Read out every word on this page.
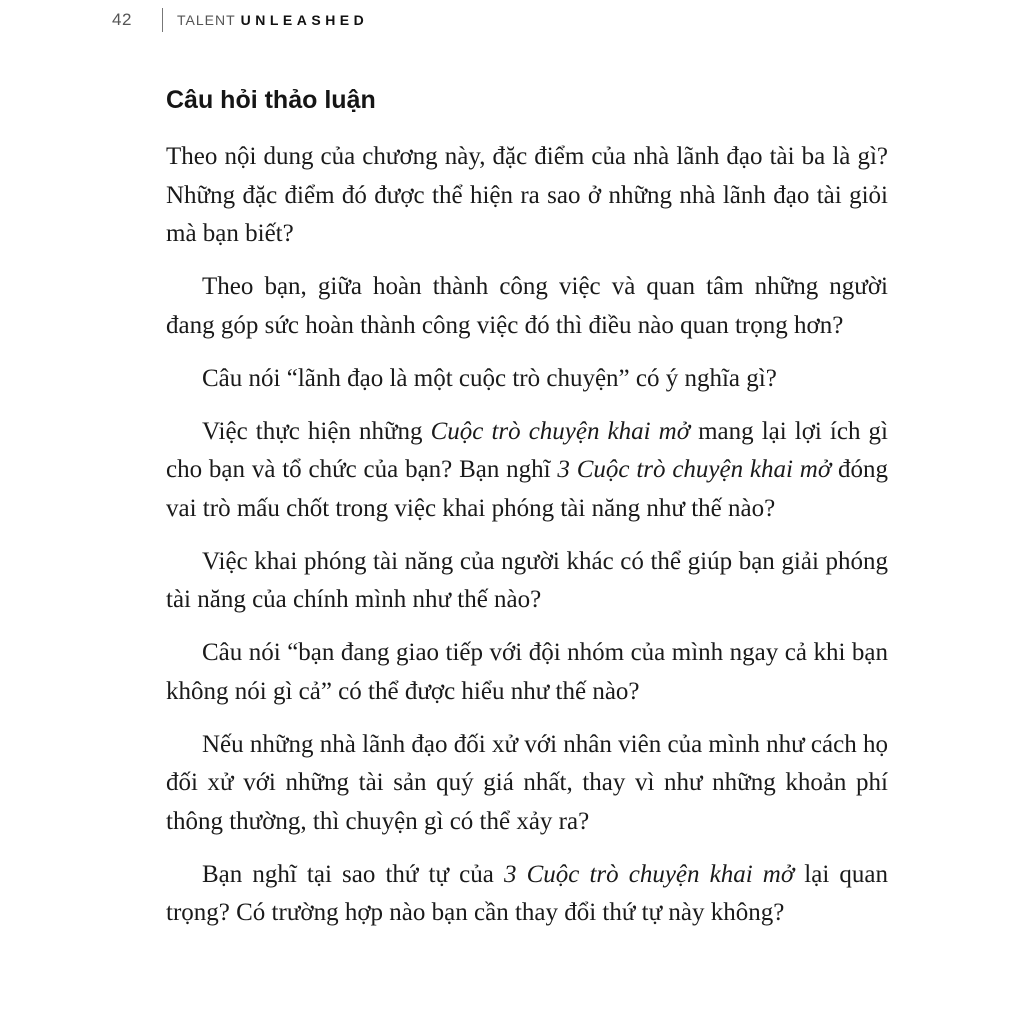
42	TALENT UNLEASHED
Câu hỏi thảo luận

Theo nội dung của chương này, đặc điểm của nhà lãnh đạo tài ba là gì? Những đặc điểm đó được thể hiện ra sao ở những nhà lãnh đạo tài giỏi mà bạn biết?

Theo bạn, giữa hoàn thành công việc và quan tâm những người đang góp sức hoàn thành công việc đó thì điều nào quan trọng hơn?

Câu nói “lãnh đạo là một cuộc trò chuyện” có ý nghĩa gì?

Việc thực hiện những Cuộc trò chuyện khai mở mang lại lợi ích gì cho bạn và tổ chức của bạn? Bạn nghĩ 3 Cuộc trò chuyện khai mở đóng vai trò mấu chốt trong việc khai phóng tài năng như thế nào?

Việc khai phóng tài năng của người khác có thể giúp bạn giải phóng tài năng của chính mình như thế nào?

Câu nói “bạn đang giao tiếp với đội nhóm của mình ngay cả khi bạn không nói gì cả” có thể được hiểu như thế nào?

Nếu những nhà lãnh đạo đối xử với nhân viên của mình như cách họ đối xử với những tài sản quý giá nhất, thay vì như những khoản phí thông thường, thì chuyện gì có thể xảy ra?

Bạn nghĩ tại sao thứ tự của 3 Cuộc trò chuyện khai mở lại quan trọng? Có trường hợp nào bạn cần thay đổi thứ tự này không?
